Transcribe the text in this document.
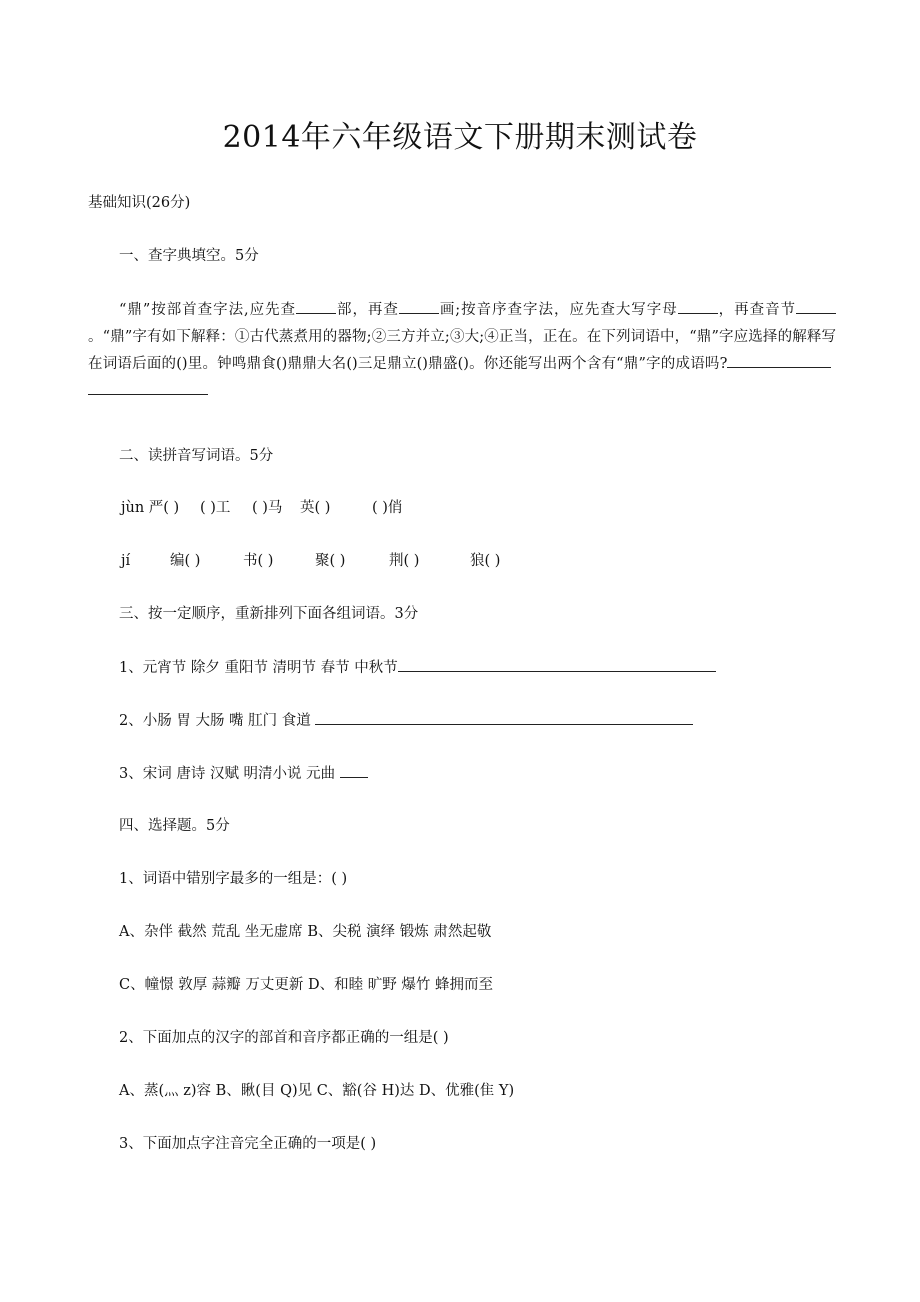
2014年六年级语文下册期末测试卷
基础知识(26分)
一、查字典填空。5分
“鼎”按部首查字法,应先查	部，再查	画;按音序查字法，应先查大写字母	，再查音节。“鼎”字有如下解释：①古代蒸煮用的器物;②三方并立;③大;④正当，正在。在下列词语中，“鼎”字应选择的解释写在词语后面的()里。钟鸣鼎食()鼎鼎大名()三足鼎立()鼎盛()。你还能写出两个含有“鼎”字的成语吗?
二、读拼音写词语。5分
jùn 严( ) ( )工 ( )马 英( )	( )俏
jí	编( )	书( )	聚( )	荆( )	狼( )
三、按一定顺序，重新排列下面各组词语。3分
1、元宵节 除夕 重阳节 清明节 春节 中秋节
2、小肠 胃 大肠 嘴 肛门 食道
3、宋词 唐诗 汉赋 明清小说 元曲
四、选择题。5分
1、词语中错别字最多的一组是：( )
A、杂伴 截然 荒乱 坐无虚席 B、尖税 演绎 锻炼 肃然起敬
C、幢憬 敦厚 蒜瓣 万丈更新 D、和睦 旷野 爆竹 蜂拥而至
2、下面加点的汉字的部首和音序都正确的一组是( )
A、蒸(灬 z)容 B、瞅(目 Q)见 C、豁(谷 H)达 D、优雅(隹 Y)
3、下面加点字注音完全正确的一项是( )
